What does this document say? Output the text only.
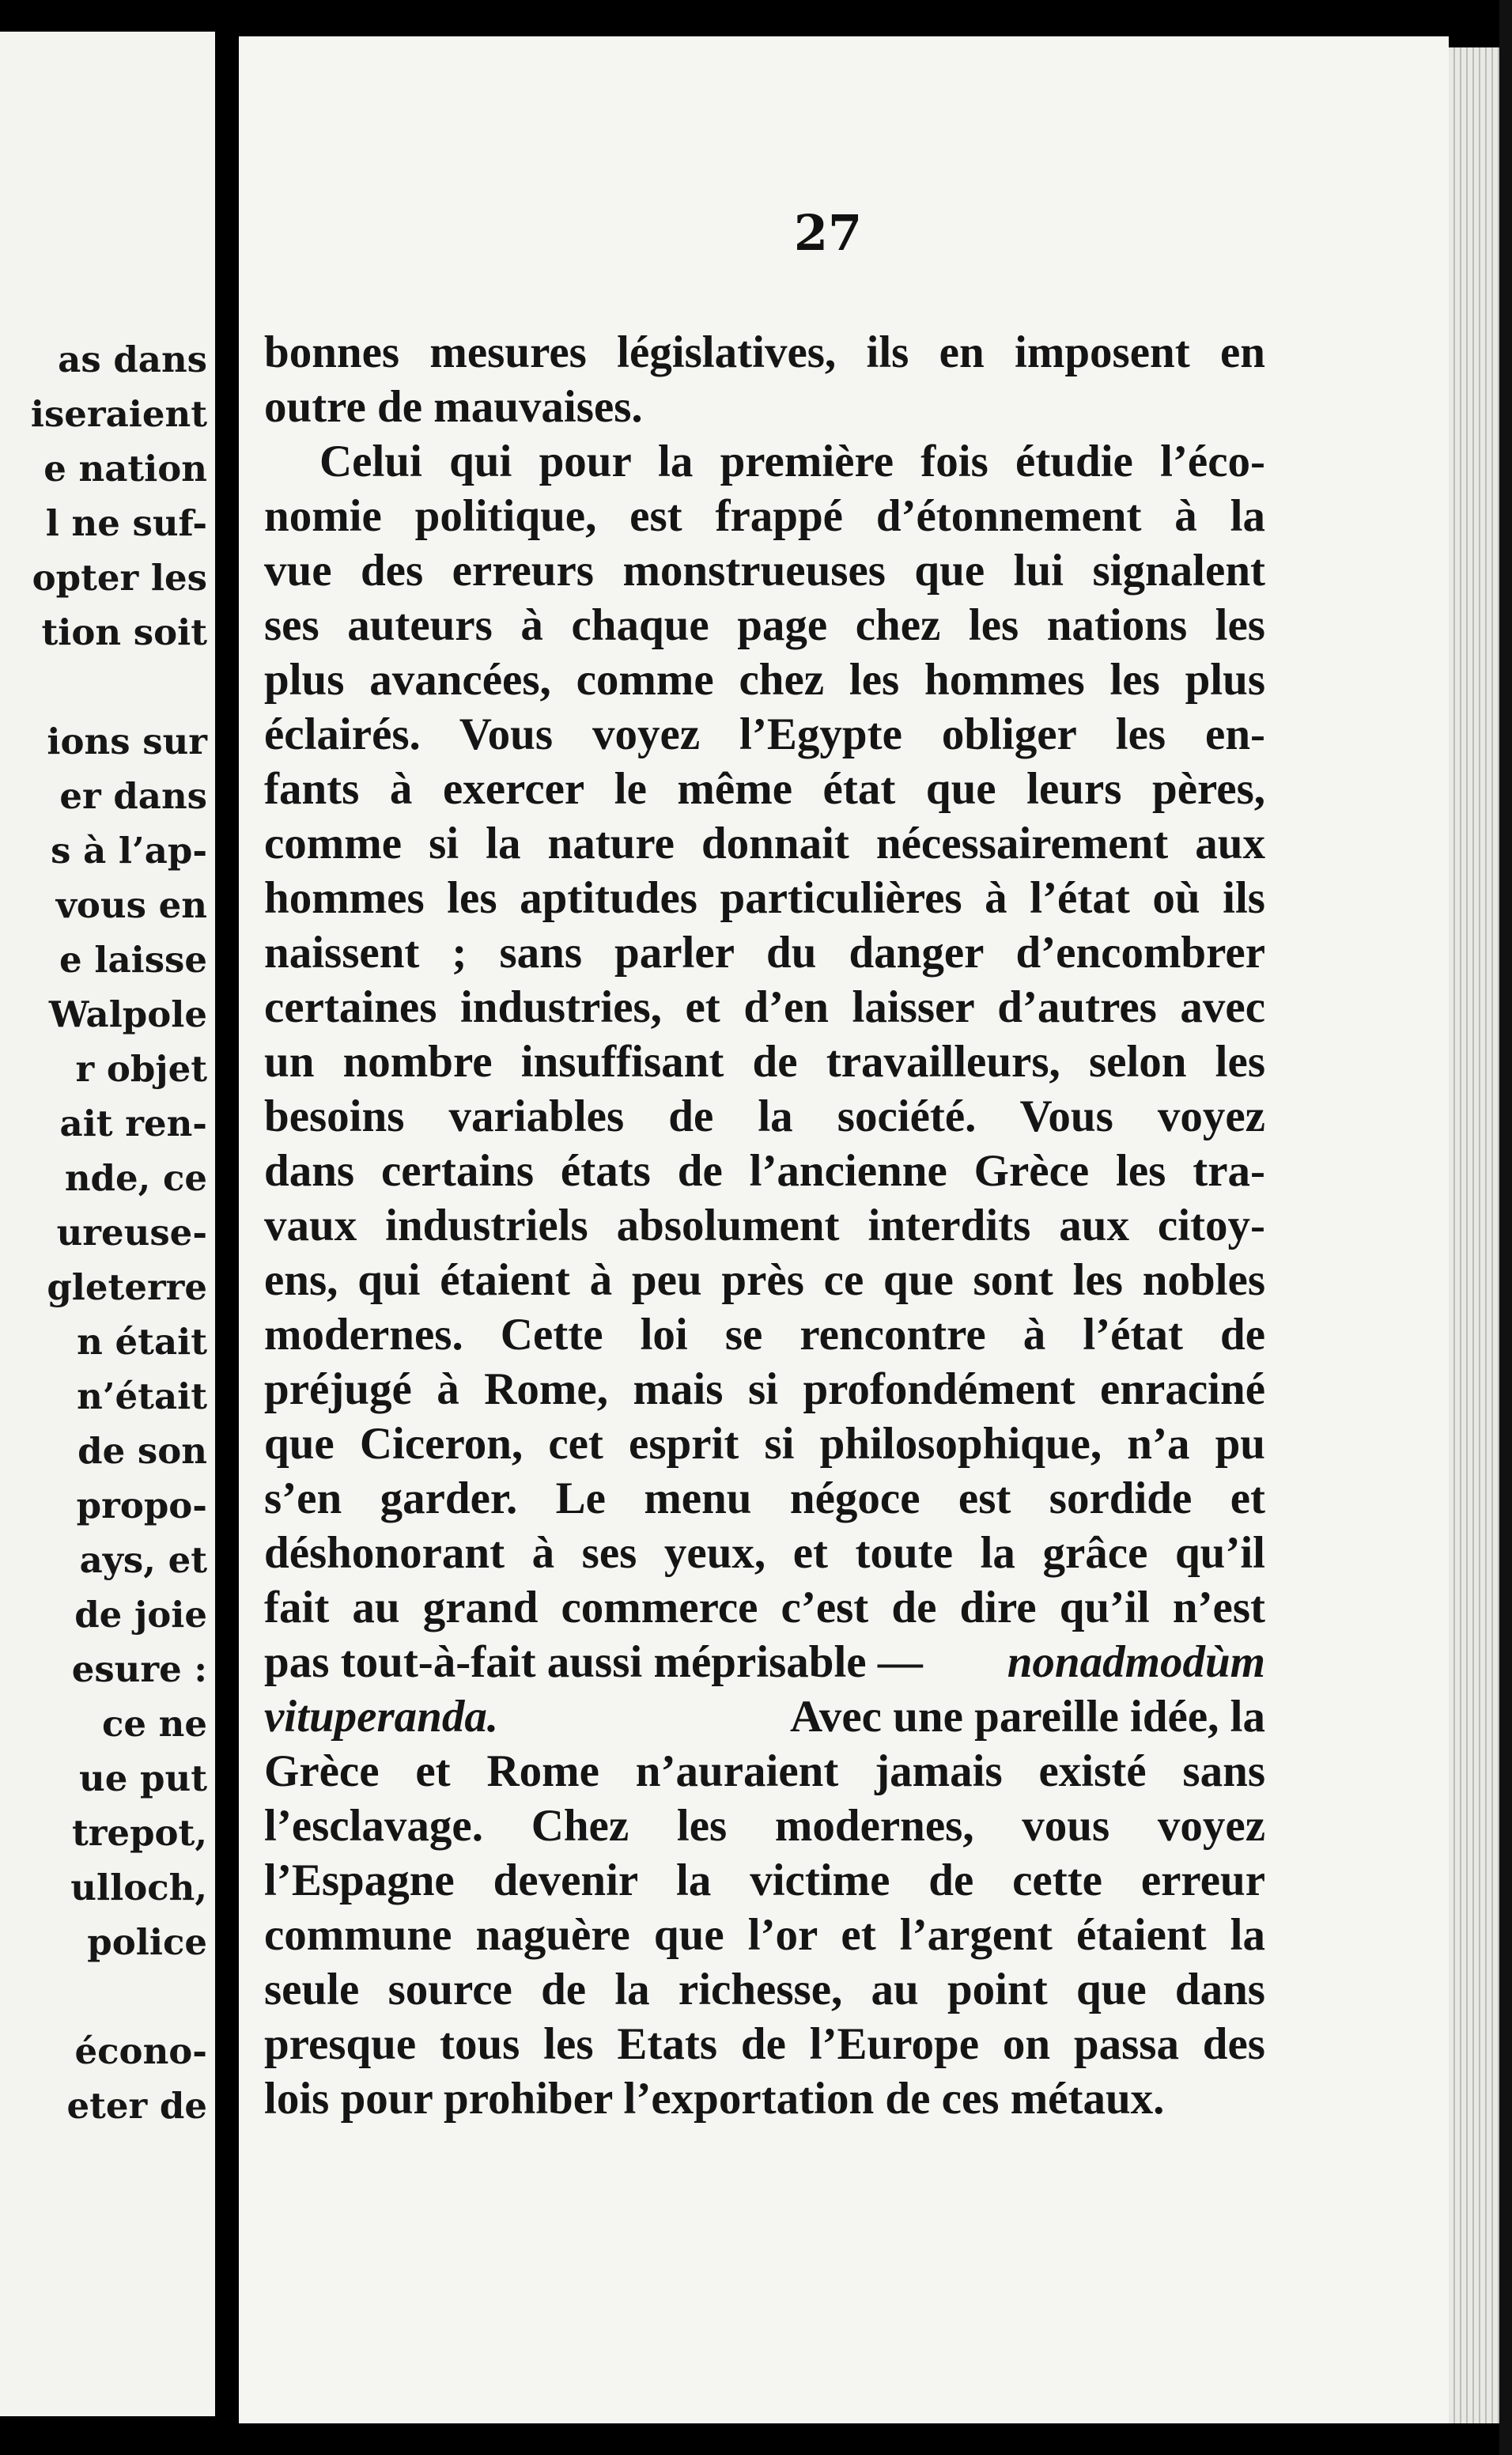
as dans
iseraient
e nation
l ne suf-
opter les
tion soit
ions sur
er dans
s à l’ap-
vous en
e laisse
Walpole
r objet
ait ren-
nde, ce
ureuse-
gleterre
n était
n’était
de son
propo-
ays, et
de joie
esure :
ce ne
ue put
trepot,
ulloch,
police
écono-
eter de
27
bonnes mesures législatives, ils en imposent en
outre de mauvaises.
Celui qui pour la première fois étudie l’éco-
nomie politique, est frappé d’étonnement à la
vue des erreurs monstrueuses que lui signalent
ses auteurs à chaque page chez les nations les
plus avancées, comme chez les hommes les plus
éclairés. Vous voyez l’Egypte obliger les en-
fants à exercer le même état que leurs pères,
comme si la nature donnait nécessairement aux
hommes les aptitudes particulières à l’état où ils
naissent ; sans parler du danger d’encombrer
certaines industries, et d’en laisser d’autres avec
un nombre insuffisant de travailleurs, selon les
besoins variables de la société. Vous voyez
dans certains états de l’ancienne Grèce les tra-
vaux industriels absolument interdits aux citoy-
ens, qui étaient à peu près ce que sont les nobles
modernes. Cette loi se rencontre à l’état de
préjugé à Rome, mais si profondément enraciné
que Ciceron, cet esprit si philosophique, n’a pu
s’en garder. Le menu négoce est sordide et
déshonorant à ses yeux, et toute la grâce qu’il
fait au grand commerce c’est de dire qu’il n’est
pas tout-à-fait aussi méprisable — nonadmodùm
vituperanda.	Avec une pareille idée, la
Grèce et Rome n’auraient jamais existé sans
l’esclavage. Chez les modernes, vous voyez
l’Espagne devenir la victime de cette erreur
commune naguère que l’or et l’argent étaient la
seule source de la richesse, au point que dans
presque tous les Etats de l’Europe on passa des
lois pour prohiber l’exportation de ces métaux.
